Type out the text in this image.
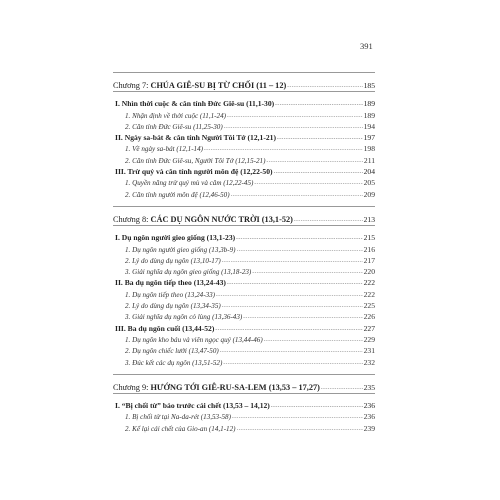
391
Chương 7: CHÚA GIÊ-SU BỊ TỪ CHỐI (11 – 12) -----	185
I. Nhìn thời cuộc & căn tính Đức Giê-su (11,1-30) -----	189
1. Nhận định về thời cuộc (11,1-24) -----	189
2. Căn tính Đức Giê-su (11,25-30) -----	194
II. Ngày sa-bát & căn tính Người Tôi Tớ (12,1-21) -----	197
1. Về ngày sa-bát (12,1-14) -----	198
2. Căn tính Đức Giê-su, Người Tôi Tớ (12,15-21) -----	211
III. Trừ quỷ và căn tính người môn đệ (12,22-50) -----	204
1. Quyền năng trừ quỷ mù và câm (12,22-45) -----	205
2. Căn tính người môn đệ (12,46-50) -----	209
Chương 8: CÁC DỤ NGÔN NƯỚC TRỜI (13,1-52) -----	213
I. Dụ ngôn người gieo giống (13,1-23) -----	215
1. Dụ ngôn người gieo giống (13,3b-9) -----	216
2. Lý do dùng dụ ngôn (13,10-17) -----	217
3. Giải nghĩa dụ ngôn gieo giống (13,18-23) -----	220
II. Ba dụ ngôn tiếp theo (13,24-43) -----	222
1. Dụ ngôn tiếp theo (13,24-33) -----	222
2. Lý do dùng dụ ngôn (13,34-35) -----	225
3. Giải nghĩa dụ ngôn cỏ lùng (13,36-43) -----	226
III. Ba dụ ngôn cuối (13,44-52) -----	227
1. Dụ ngôn kho báu và viên ngọc quý (13,44-46) -----	229
2. Dụ ngôn chiếc lưới (13,47-50) -----	231
3. Đúc kết các dụ ngôn (13,51-52) -----	232
Chương 9: HƯỚNG TỚI GIÊ-RU-SA-LEM (13,53 – 17,27) -----	235
I. “Bị chối từ” báo trước cái chết (13,53 – 14,12) -----	236
1. Bị chối từ tại Na-da-rét (13,53-58) -----	236
2. Kể lại cái chết của Gio-an (14,1-12) -----	239
